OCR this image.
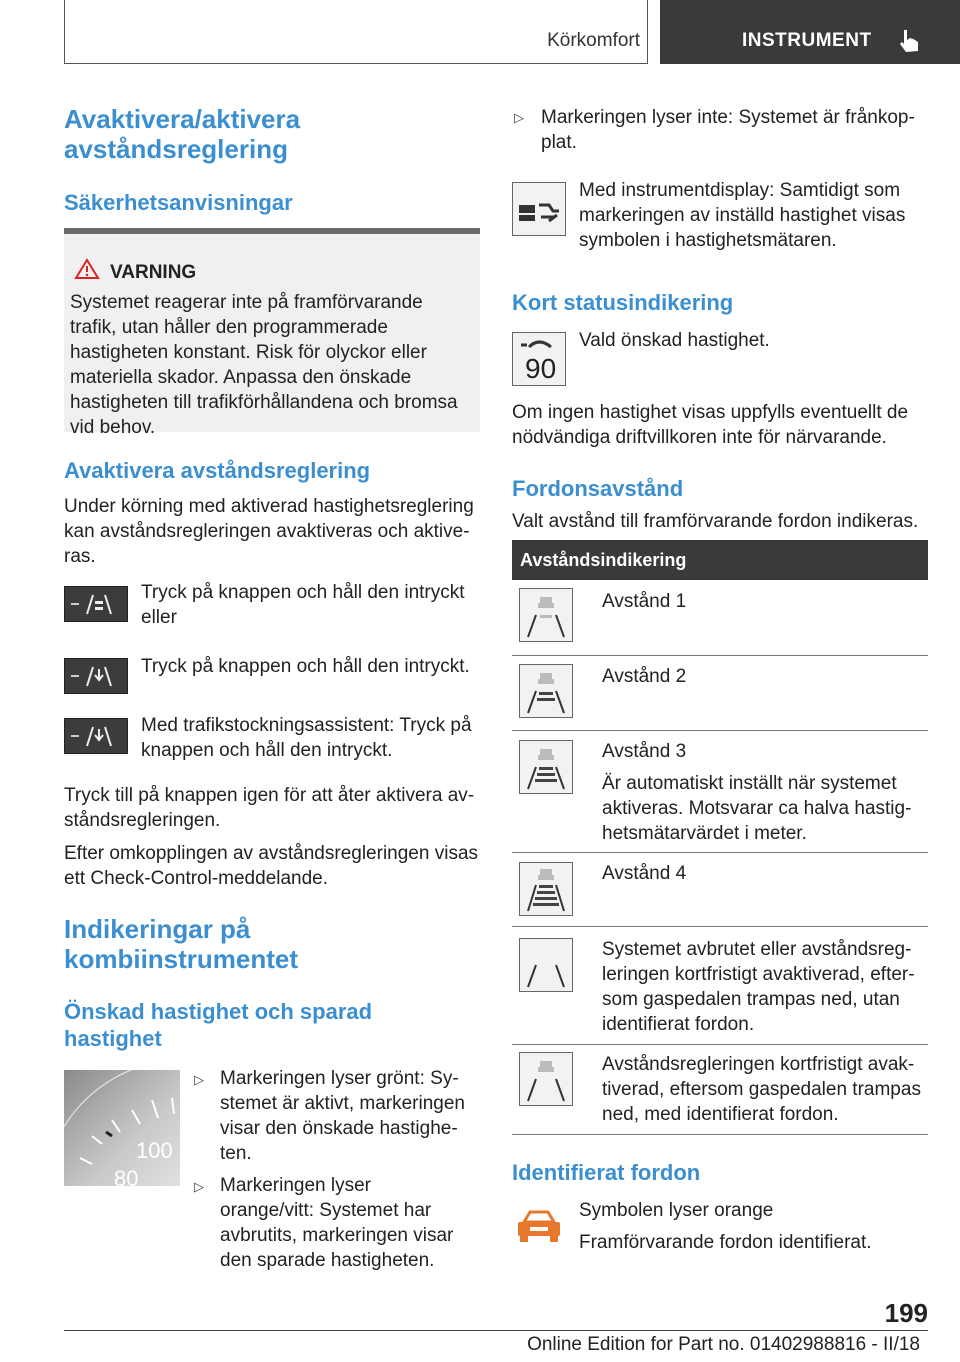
Körkomfort	INSTRUMENT
Avaktivera/aktivera avståndsreglering
Säkerhetsanvisningar
VARNING
Systemet reagerar inte på framförvarande trafik, utan håller den programmerade hastigheten konstant. Risk för olyckor eller materiella skador. Anpassa den önskade hastigheten till trafikförhållandena och bromsa vid behov.
Avaktivera avståndsreglering
Under körning med aktiverad hastighetsreglering kan avståndsregleringen avaktiveras och aktiveras.
Tryck på knappen och håll den intryckt eller
Tryck på knappen och håll den intryckt.
Med trafikstockningsassistent: Tryck på knappen och håll den intryckt.
Tryck till på knappen igen för att åter aktivera avståndsregleringen.
Efter omkopplingen av avståndsregleringen visas ett Check-Control-meddelande.
Indikeringar på kombiinstrumentet
Önskad hastighet och sparad hastighet
100
80
▷ Markeringen lyser grönt: Systemet är aktivt, markeringen visar den önskade hastigheten.
▷ Markeringen lyser orange/vitt: Systemet har avbrutits, markeringen visar den sparade hastigheten.
▷ Markeringen lyser inte: Systemet är frånkopplat.
Med instrumentdisplay: Samtidigt som markeringen av inställd hastighet visas symbolen i hastighetsmätaren.
Kort statusindikering
90
Vald önskad hastighet.
Om ingen hastighet visas uppfylls eventuellt de nödvändiga driftvillkoren inte för närvarande.
Fordonsavstånd
Valt avstånd till framförvarande fordon indikeras.
Avståndsindikering
Avstånd 1
Avstånd 2
Avstånd 3
Är automatiskt inställt när systemet aktiveras. Motsvarar ca halva hastighetsmätarvärdet i meter.
Avstånd 4
Systemet avbrutet eller avståndsregleringen kortfristigt avaktiverad, eftersom gaspedalen trampas ned, utan identifierat fordon.
Avståndsregleringen kortfristigt avaktiverad, eftersom gaspedalen trampas ned, med identifierat fordon.
Identifierat fordon
Symbolen lyser orange
Framförvarande fordon identifierat.
199
Online Edition for Part no. 01402988816 - II/18
